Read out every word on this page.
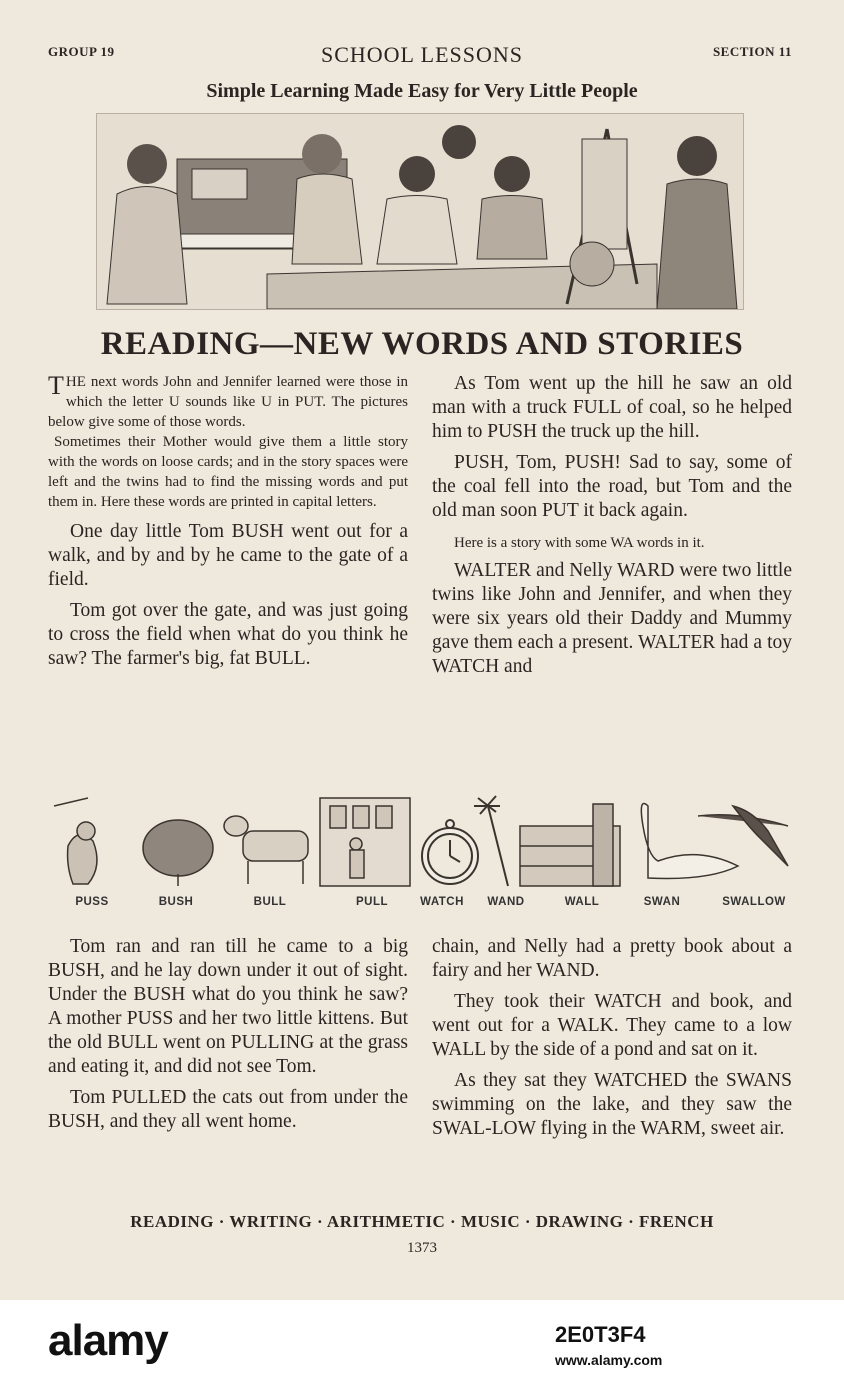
GROUP 19	SCHOOL LESSONS	SECTION 11
Simple Learning Made Easy for Very Little People
READING—NEW WORDS AND STORIES

THE next words John and Jennifer learned were those in which the letter U sounds like U in PUT. The pictures below give some of those words.

Sometimes their Mother would give them a little story with the words on loose cards; and in the story spaces were left and the twins had to find the missing words and put them in. Here these words are printed in capital letters.

One day little Tom BUSH went out for a walk, and by and by he came to the gate of a field.

Tom got over the gate, and was just going to cross the field when what do you think he saw? The farmer's big, fat BULL.

As Tom went up the hill he saw an old man with a truck FULL of coal, so he helped him to PUSH the truck up the hill.

PUSH, Tom, PUSH! Sad to say, some of the coal fell into the road, but Tom and the old man soon PUT it back again.

Here is a story with some WA words in it.

WALTER and Nelly WARD were two little twins like John and Jennifer, and when they were six years old their Daddy and Mummy gave them each a present. WALTER had a toy WATCH and

PUSS	BUSH	BULL	PULL	WATCH	WAND	WALL	SWAN	SWALLOW

Tom ran and ran till he came to a big BUSH, and he lay down under it out of sight. Under the BUSH what do you think he saw? A mother PUSS and her two little kittens. But the old BULL went on PULLING at the grass and eating it, and did not see Tom.

Tom PULLED the cats out from under the BUSH, and they all went home.

chain, and Nelly had a pretty book about a fairy and her WAND.

They took their WATCH and book, and went out for a WALK. They came to a low WALL by the side of a pond and sat on it.

As they sat they WATCHED the SWANS swimming on the lake, and they saw the SWAL-LOW flying in the WARM, sweet air.

READING · WRITING · ARITHMETIC · MUSIC · DRAWING · FRENCH
1373
alamy	2E0T3F4
www.alamy.com
